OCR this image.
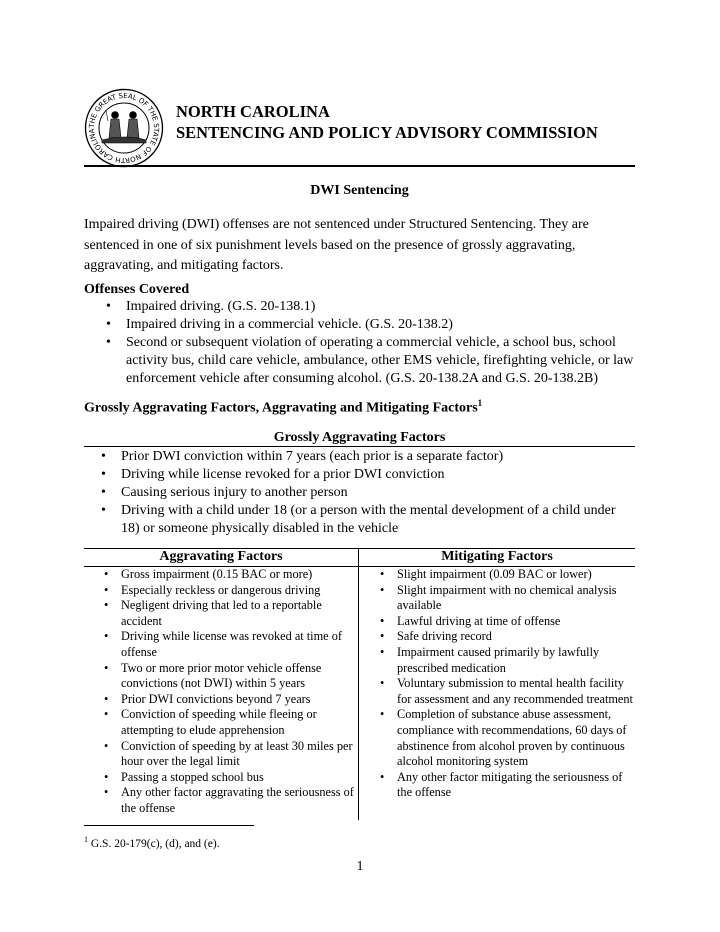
THE GREAT SEAL OF THE STATE OF NORTH CAROLINA
NORTH CAROLINA
SENTENCING AND POLICY ADVISORY COMMISSION
DWI Sentencing
Impaired driving (DWI) offenses are not sentenced under Structured Sentencing. They are sentenced in one of six punishment levels based on the presence of grossly aggravating, aggravating, and mitigating factors.
Offenses Covered
• Impaired driving. (G.S. 20-138.1)
• Impaired driving in a commercial vehicle. (G.S. 20-138.2)
• Second or subsequent violation of operating a commercial vehicle, a school bus, school activity bus, child care vehicle, ambulance, other EMS vehicle, firefighting vehicle, or law enforcement vehicle after consuming alcohol. (G.S. 20-138.2A and G.S. 20-138.2B)
Grossly Aggravating Factors, Aggravating and Mitigating Factors$^1$
Grossly Aggravating Factors
• Prior DWI conviction within 7 years (each prior is a separate factor)
• Driving while license revoked for a prior DWI conviction
• Causing serious injury to another person
• Driving with a child under 18 (or a person with the mental development of a child under 18) or someone physically disabled in the vehicle
Aggravating Factors	Mitigating Factors
• Gross impairment (0.15 BAC or more)
• Especially reckless or dangerous driving
• Negligent driving that led to a reportable accident
• Driving while license was revoked at time of offense
• Two or more prior motor vehicle offense convictions (not DWI) within 5 years
• Prior DWI convictions beyond 7 years
• Conviction of speeding while fleeing or attempting to elude apprehension
• Conviction of speeding by at least 30 miles per hour over the legal limit
• Passing a stopped school bus
• Any other factor aggravating the seriousness of the offense
• Slight impairment (0.09 BAC or lower)
• Slight impairment with no chemical analysis available
• Lawful driving at time of offense
• Safe driving record
• Impairment caused primarily by lawfully prescribed medication
• Voluntary submission to mental health facility for assessment and any recommended treatment
• Completion of substance abuse assessment, compliance with recommendations, 60 days of abstinence from alcohol proven by continuous alcohol monitoring system
• Any other factor mitigating the seriousness of the offense
$^1$ G.S. 20-179(c), (d), and (e).
1
